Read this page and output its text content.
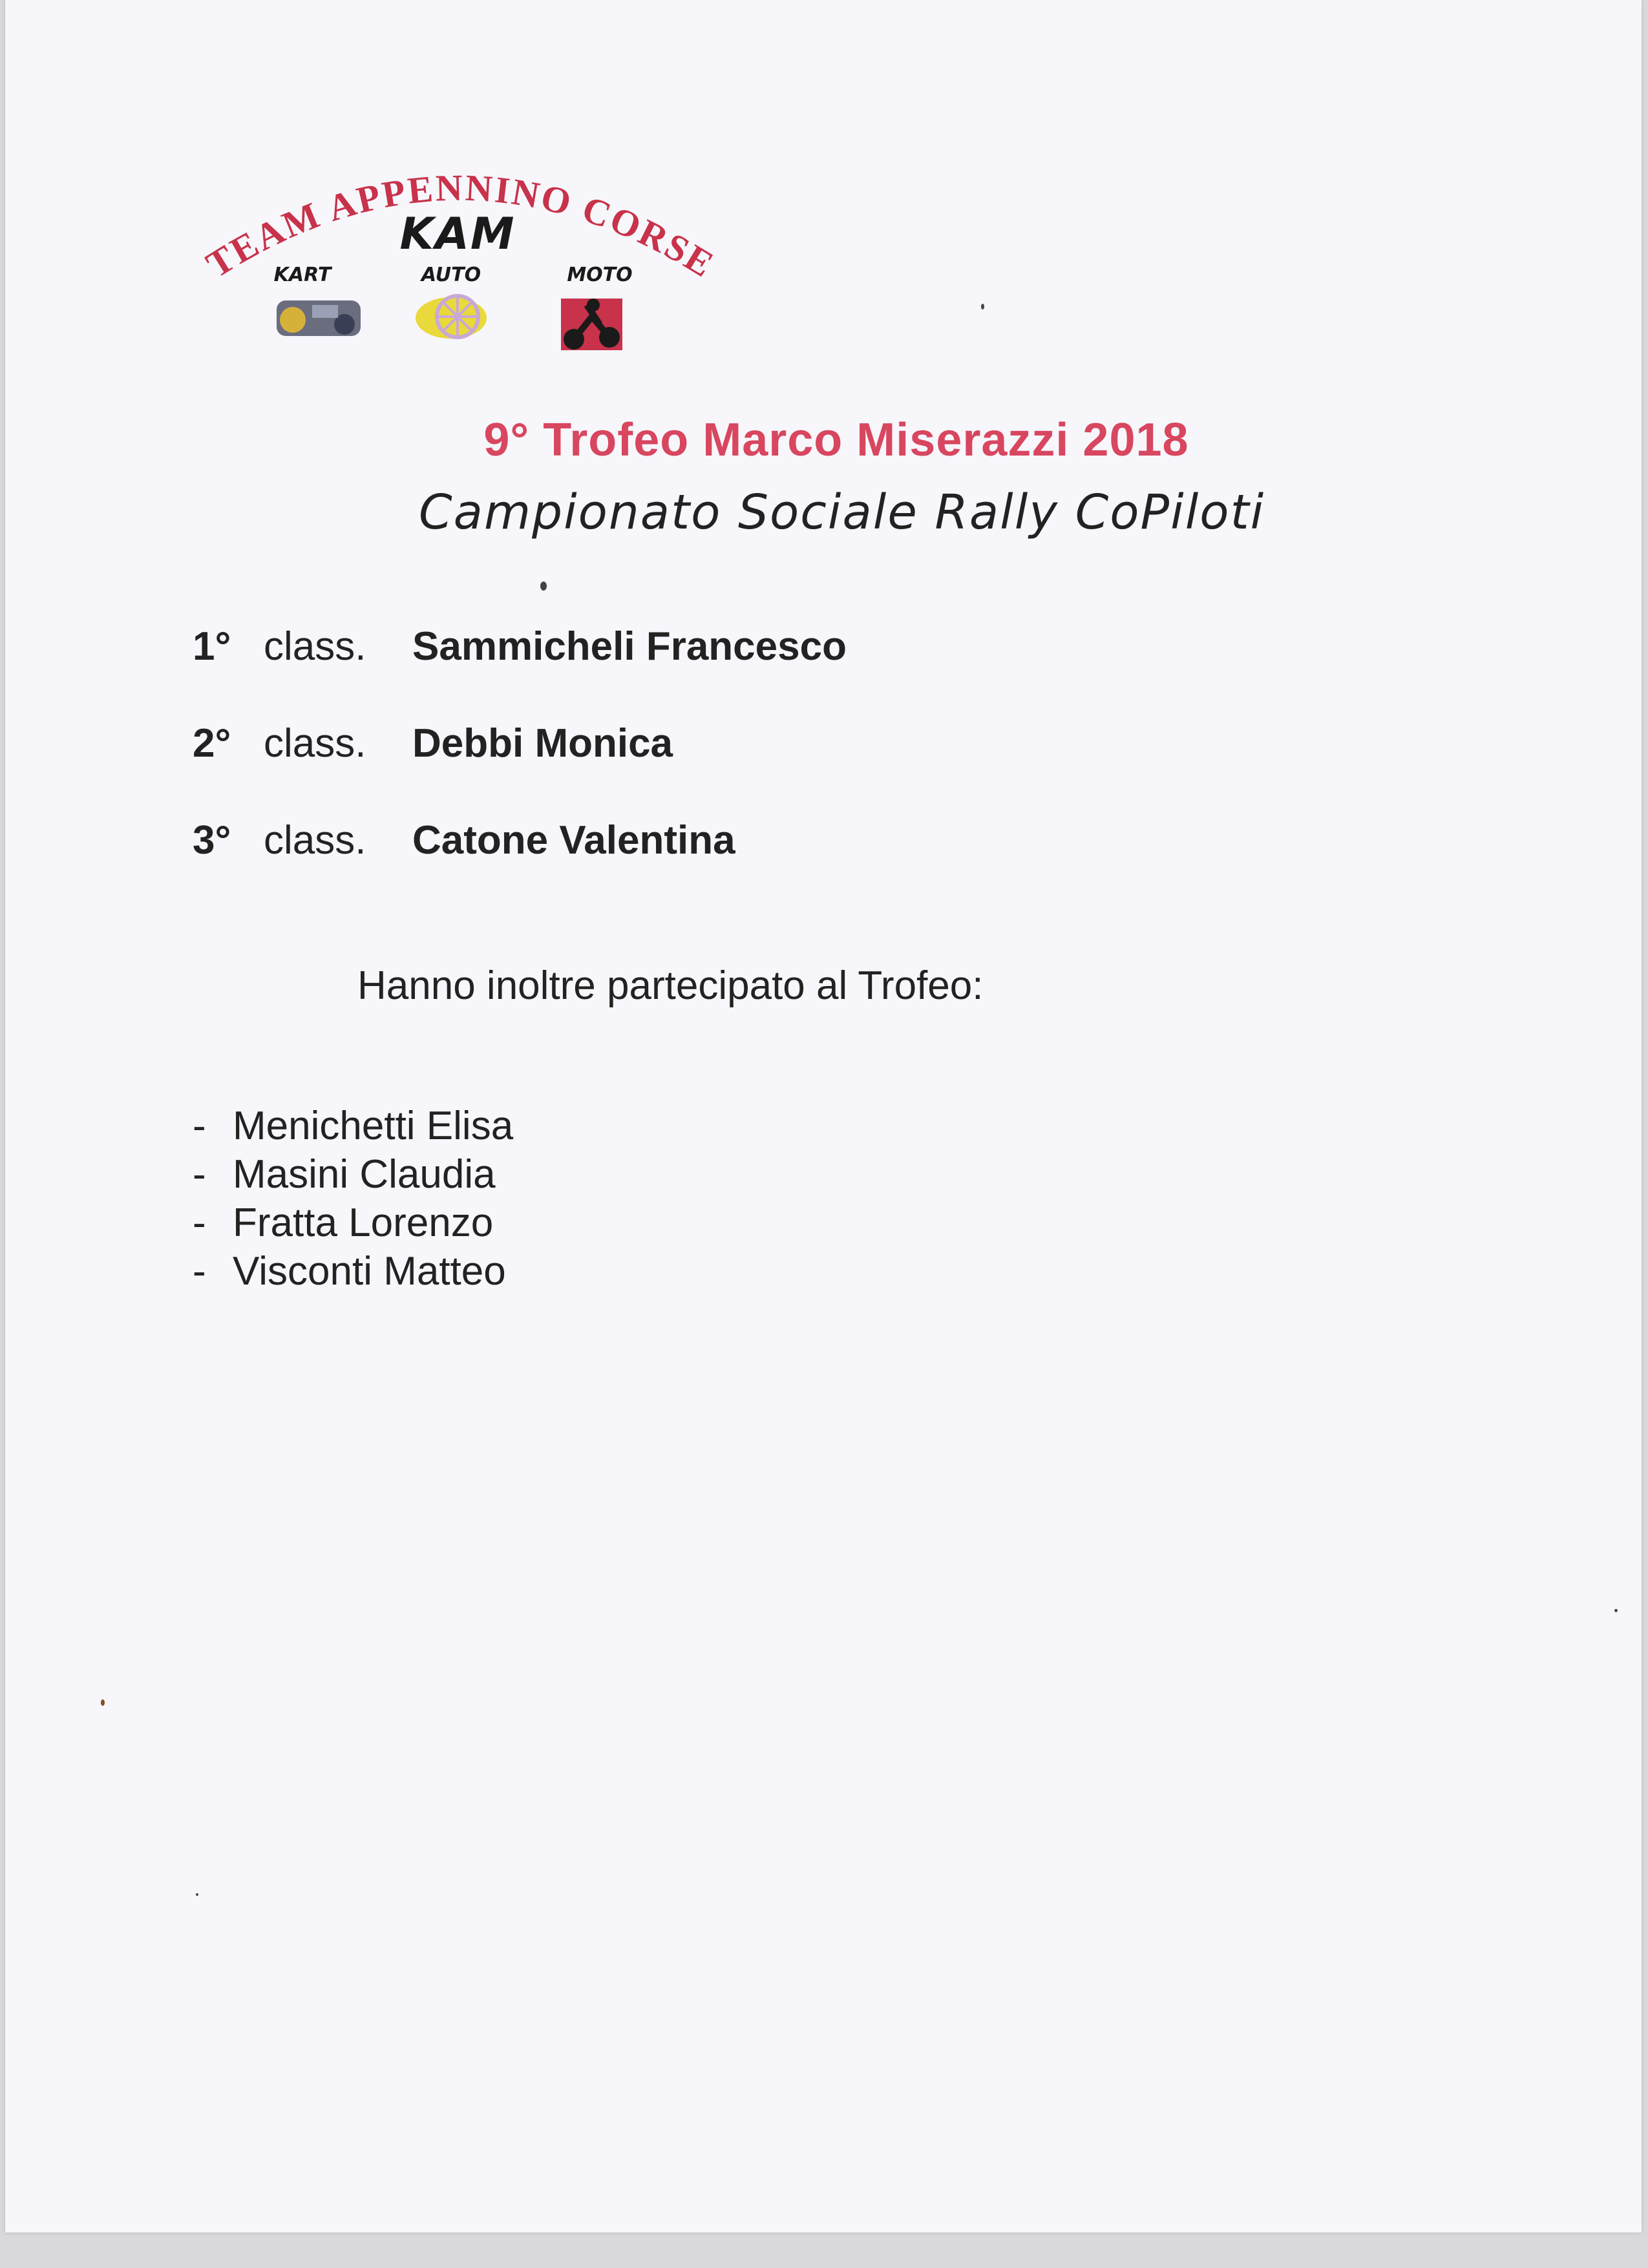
TEAM APPENNINO CORSE
KAM
KART	AUTO	MOTO
9° Trofeo Marco Miserazzi 2018
Campionato Sociale Rally CoPiloti
1° class. Sammicheli Francesco
2° class. Debbi Monica
3° class. Catone Valentina
Hanno inoltre partecipato al Trofeo:
- Menichetti Elisa
- Masini Claudia
- Fratta Lorenzo
- Visconti Matteo
